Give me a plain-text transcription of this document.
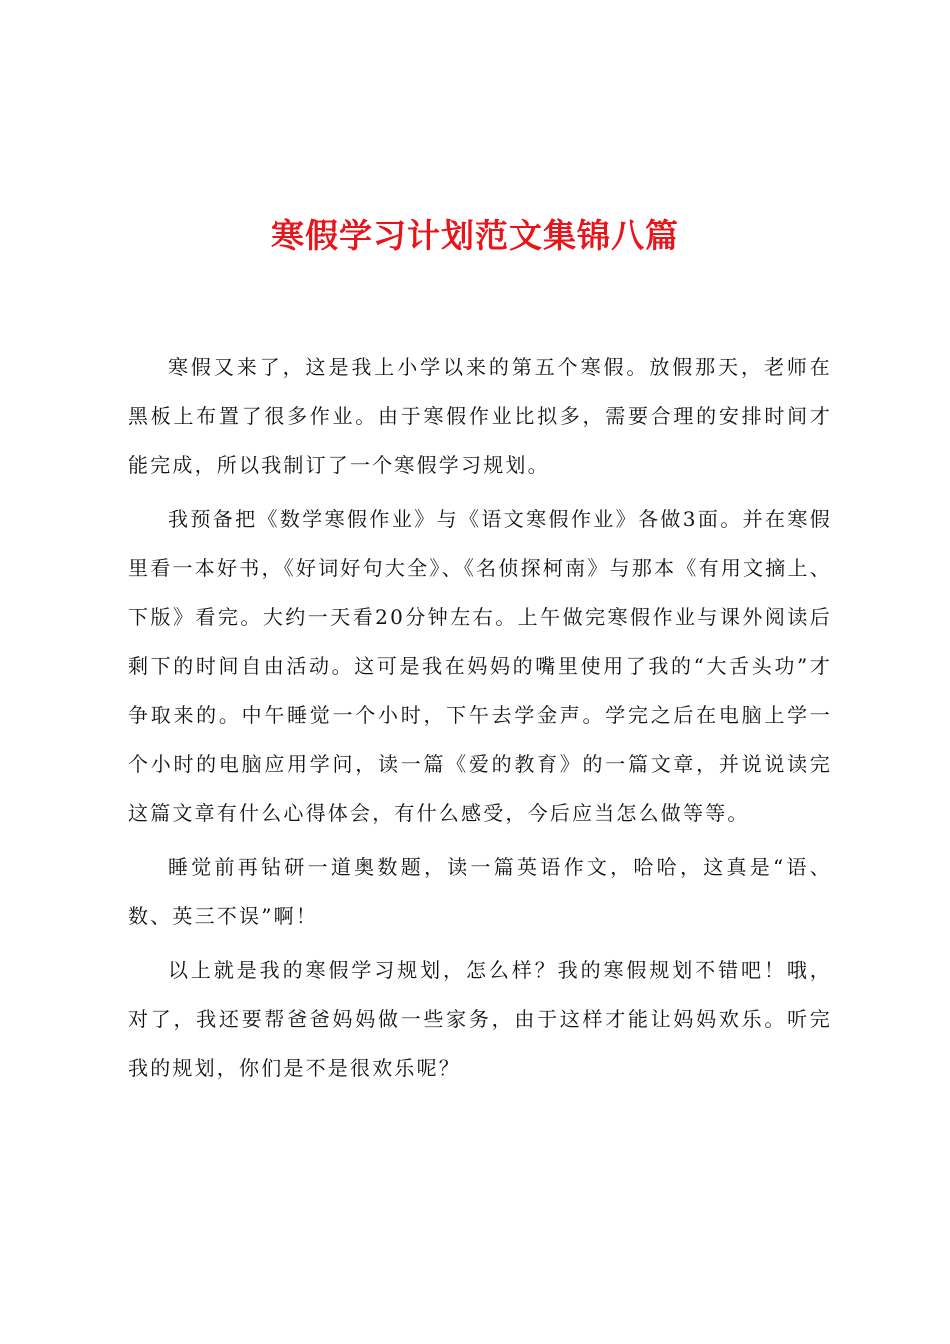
寒假学习计划范文集锦八篇

寒假又来了，这是我上小学以来的第五个寒假。放假那天，老师在黑板上布置了很多作业。由于寒假作业比拟多，需要合理的安排时间才能完成，所以我制订了一个寒假学习规划。

我预备把《数学寒假作业》与《语文寒假作业》各做3面。并在寒假里看一本好书，《好词好句大全》、《名侦探柯南》与那本《有用文摘上、下版》看完。大约一天看20分钟左右。上午做完寒假作业与课外阅读后剩下的时间自由活动。这可是我在妈妈的嘴里使用了我的“大舌头功”才争取来的。中午睡觉一个小时，下午去学金声。学完之后在电脑上学一个小时的电脑应用学问，读一篇《爱的教育》的一篇文章，并说说读完这篇文章有什么心得体会，有什么感受，今后应当怎么做等等。

睡觉前再钻研一道奥数题，读一篇英语作文，哈哈，这真是“语、数、英三不误”啊！

以上就是我的寒假学习规划，怎么样？我的寒假规划不错吧！哦，对了，我还要帮爸爸妈妈做一些家务，由于这样才能让妈妈欢乐。听完我的规划，你们是不是很欢乐呢？
